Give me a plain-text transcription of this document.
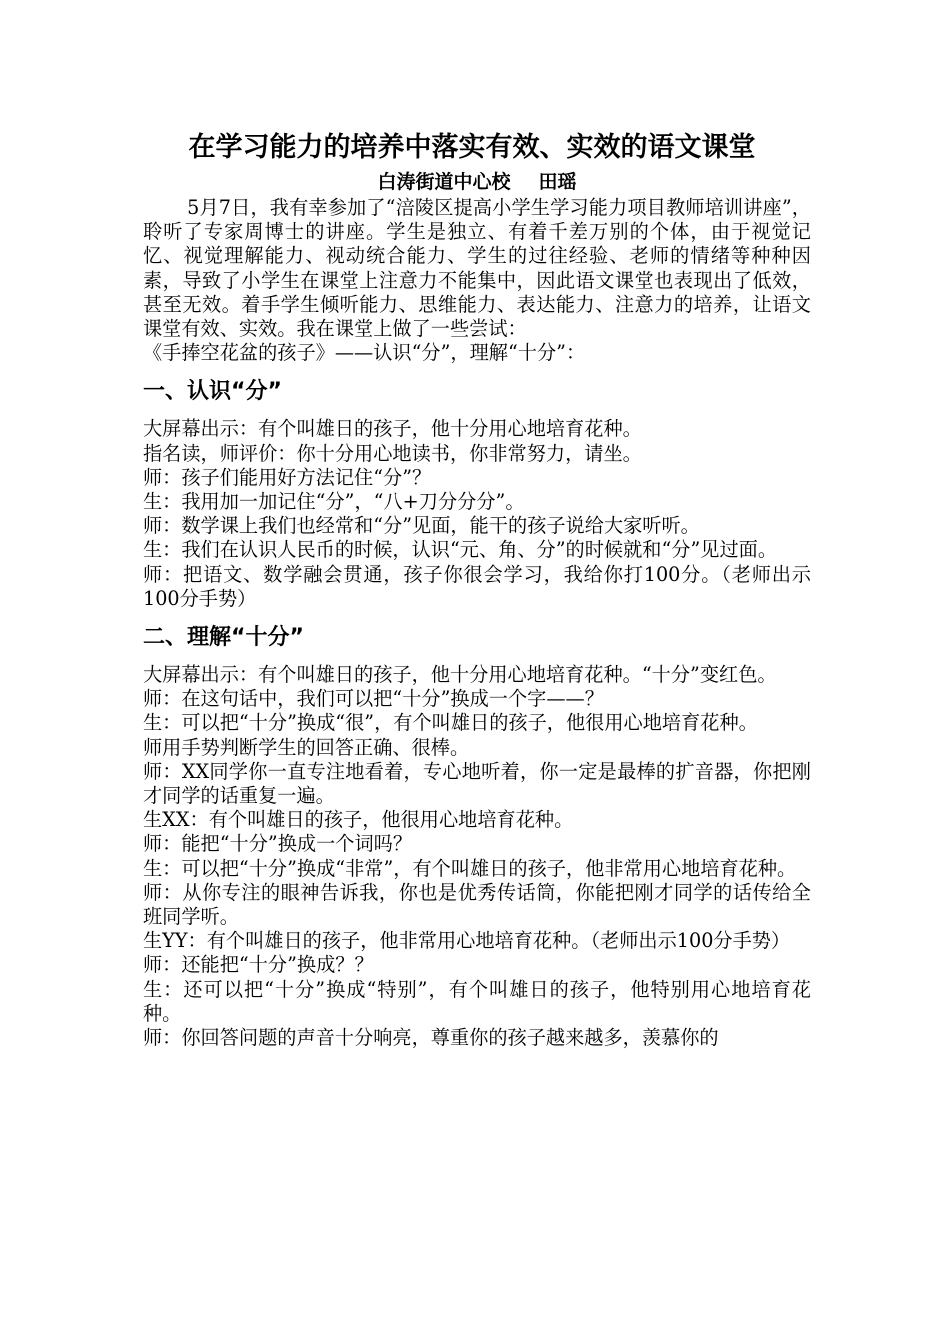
在学习能力的培养中落实有效、实效的语文课堂
白涛街道中心校 田瑶

5月7日，我有幸参加了“涪陵区提高小学生学习能力项目教师培训讲座”，聆听了专家周博士的讲座。学生是独立、有着千差万别的个体，由于视觉记忆、视觉理解能力、视动统合能力、学生的过往经验、老师的情绪等种种因素，导致了小学生在课堂上注意力不能集中，因此语文课堂也表现出了低效，甚至无效。着手学生倾听能力、思维能力、表达能力、注意力的培养，让语文课堂有效、实效。我在课堂上做了一些尝试：

《手捧空花盆的孩子》——认识“分”，理解“十分”：

一、认识“分”

大屏幕出示：有个叫雄日的孩子，他十分用心地培育花种。

指名读，师评价：你十分用心地读书，你非常努力，请坐。

师：孩子们能用好方法记住“分”？

生：我用加一加记住“分”，“八+刀分分分”。

师：数学课上我们也经常和“分”见面，能干的孩子说给大家听听。

生：我们在认识人民币的时候，认识“元、角、分”的时候就和“分”见过面。

师：把语文、数学融会贯通，孩子你很会学习，我给你打100分。（老师出示100分手势）

二、理解“十分”

大屏幕出示：有个叫雄日的孩子，他十分用心地培育花种。“十分”变红色。

师：在这句话中，我们可以把“十分”换成一个字——？

生：可以把“十分”换成“很”，有个叫雄日的孩子，他很用心地培育花种。

师用手势判断学生的回答正确、很棒。

师：XX同学你一直专注地看着，专心地听着，你一定是最棒的扩音器，你把刚才同学的话重复一遍。

生XX：有个叫雄日的孩子，他很用心地培育花种。

师：能把“十分”换成一个词吗？

生：可以把“十分”换成“非常”，有个叫雄日的孩子，他非常用心地培育花种。

师：从你专注的眼神告诉我，你也是优秀传话筒，你能把刚才同学的话传给全班同学听。

生YY：有个叫雄日的孩子，他非常用心地培育花种。（老师出示100分手势）

师：还能把“十分”换成？？

生：还可以把“十分”换成“特别”，有个叫雄日的孩子，他特别用心地培育花种。

师：你回答问题的声音十分响亮，尊重你的孩子越来越多，羡慕你的
